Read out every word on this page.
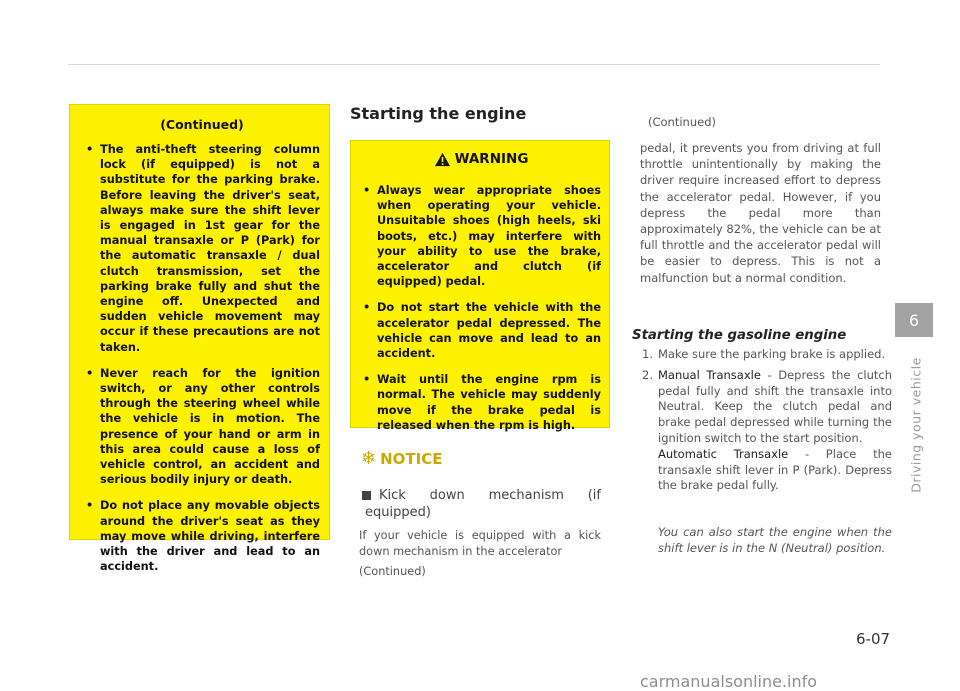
(Continued)
• The anti-theft steering column lock (if equipped) is not a substitute for the parking brake. Before leaving the driver's seat, always make sure the shift lever is engaged in 1st gear for the manual transaxle or P (Park) for the automatic transaxle / dual clutch transmission, set the parking brake fully and shut the engine off. Unexpected and sudden vehicle movement may occur if these precautions are not taken.
• Never reach for the ignition switch, or any other controls through the steering wheel while the vehicle is in motion. The presence of your hand or arm in this area could cause a loss of vehicle control, an accident and serious bodily injury or death.
• Do not place any movable objects around the driver's seat as they may move while driving, interfere with the driver and lead to an accident.
Starting the engine
WARNING
• Always wear appropriate shoes when operating your vehicle. Unsuitable shoes (high heels, ski boots, etc.) may interfere with your ability to use the brake, accelerator and clutch (if equipped) pedal.
• Do not start the vehicle with the accelerator pedal depressed. The vehicle can move and lead to an accident.
• Wait until the engine rpm is normal. The vehicle may suddenly move if the brake pedal is released when the rpm is high.
❄ NOTICE
Kick down mechanism (if
equipped)

If your vehicle is equipped with a kick down mechanism in the accelerator

(Continued)
(Continued)

pedal, it prevents you from driving at full throttle unintentionally by making the driver require increased effort to depress the accelerator pedal. However, if you depress the pedal more than approximately 82%, the vehicle can be at full throttle and the accelerator pedal will be easier to depress. This is not a malfunction but a normal condition.

Starting the gasoline engine
1. Make sure the parking brake is applied.
2. Manual Transaxle - Depress the clutch pedal fully and shift the transaxle into Neutral. Keep the clutch pedal and brake pedal depressed while turning the ignition switch to the start position.
Automatic Transaxle - Place the transaxle shift lever in P (Park). Depress the brake pedal fully.

You can also start the engine when the shift lever is in the N (Neutral) position.

6
Driving your vehicle
6-07
carmanualsonline.info
